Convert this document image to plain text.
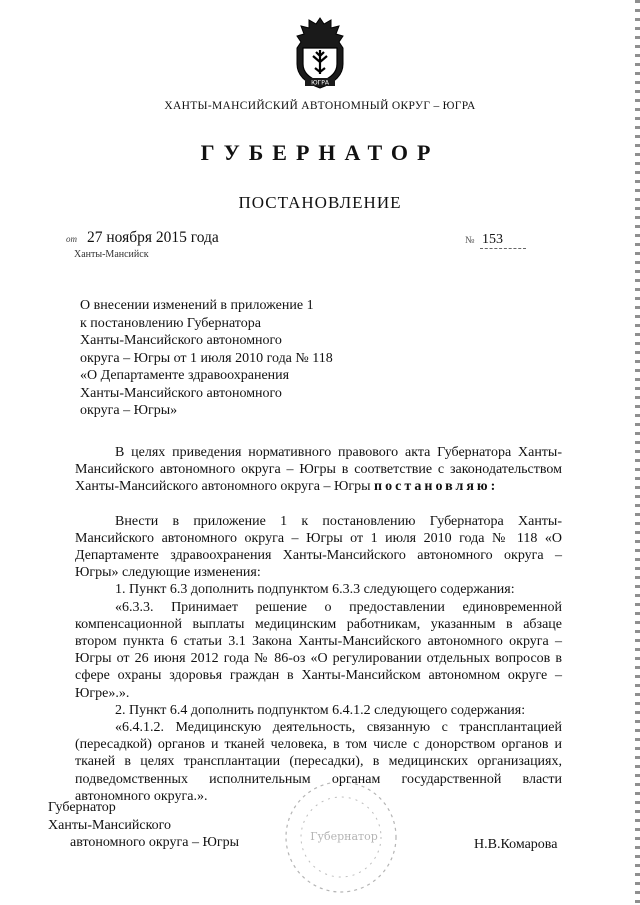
ЮГРА
ХАНТЫ-МАНСИЙСКИЙ АВТОНОМНЫЙ ОКРУГ – ЮГРА
ГУБЕРНАТОР
ПОСТАНОВЛЕНИЕ
от 27 ноября 2015 года
Ханты-Мансийск
№ 153
О внесении изменений в приложение 1
к постановлению Губернатора
Ханты-Мансийского автономного
округа – Югры от 1 июля 2010 года № 118
«О Департаменте здравоохранения
Ханты-Мансийского автономного
округа – Югры»

В целях приведения нормативного правового акта Губернатора Ханты-Мансийского автономного округа – Югры в соответствие с законодательством Ханты-Мансийского автономного округа – Югры постановляю:

Внести в приложение 1 к постановлению Губернатора Ханты-Мансийского автономного округа – Югры от 1 июля 2010 года № 118 «О Департаменте здравоохранения Ханты-Мансийского автономного округа – Югры» следующие изменения:

1. Пункт 6.3 дополнить подпунктом 6.3.3 следующего содержания:

«6.3.3. Принимает решение о предоставлении единовременной компенсационной выплаты медицинским работникам, указанным в абзаце втором пункта 6 статьи 3.1 Закона Ханты-Мансийского автономного округа – Югры от 26 июня 2012 года № 86-оз «О регулировании отдельных вопросов в сфере охраны здоровья граждан в Ханты-Мансийском автономном округе – Югре».».

2. Пункт 6.4 дополнить подпунктом 6.4.1.2 следующего содержания:

«6.4.1.2. Медицинскую деятельность, связанную с трансплантацией (пересадкой) органов и тканей человека, в том числе с донорством органов и тканей в целях трансплантации (пересадки), в медицинских организациях, подведомственных исполнительным органам государственной власти автономного округа.».

Губернатор
Ханты-Мансийского
автономного округа – Югры	Губернатор
Н.В.Комарова
